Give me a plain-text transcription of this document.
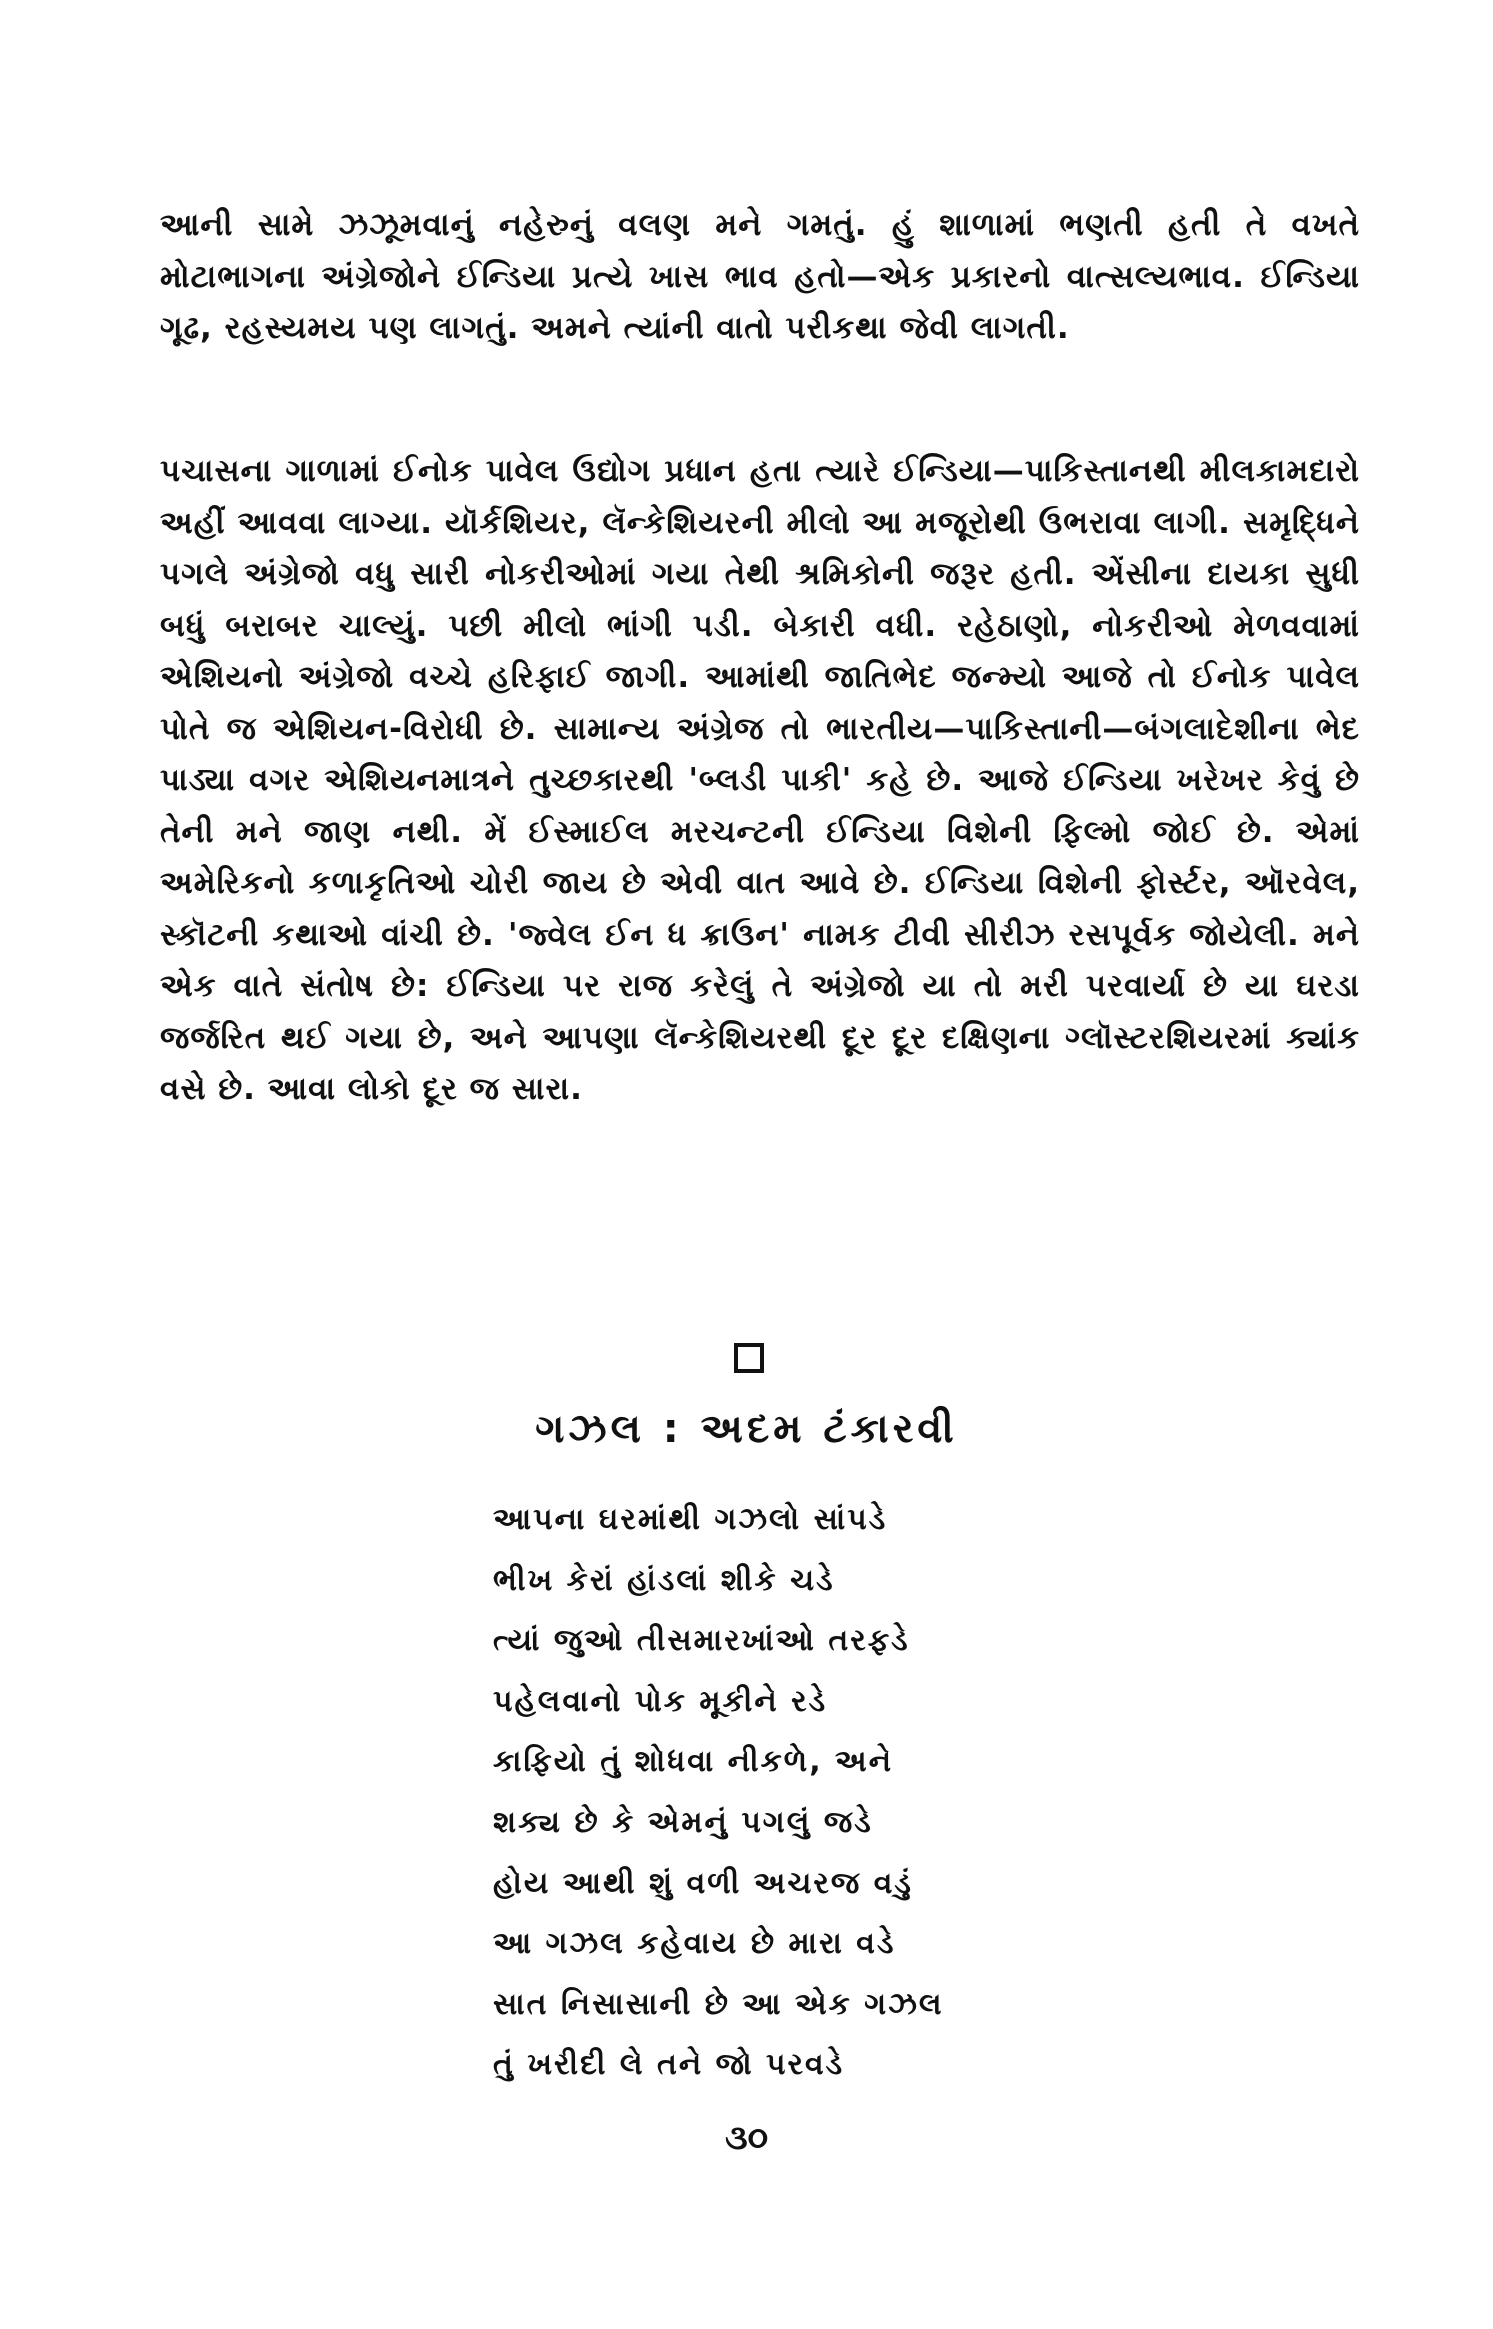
આની સામે ઝઝૂમવાનું નહેરુનું વલણ મને ગમતું. હું શાળામાં ભણતી હતી તે વખતે મોટાભાગના અંગ્રેજોને ઈન્ડિયા પ્રત્યે ખાસ ભાવ હતો—એક પ્રકારનો વાત્સલ્યભાવ. ઈન્ડિયા ગૂઢ, રહસ્યમય પણ લાગતું. અમને ત્યાંની વાતો પરીકથા જેવી લાગતી.

પચાસના ગાળામાં ઈનોક પાવેલ ઉદ્યોગ પ્રધાન હતા ત્યારે ઈન્ડિયા—પાકિસ્તાનથી મીલકામદારો અહીં આવવા લાગ્યા. યૉર્કશિયર, લૅન્કેશિયરની મીલો આ મજૂરોથી ઉભરાવા લાગી. સમૃદ્ધિને પગલે અંગ્રેજો વધુ સારી નોકરીઓમાં ગયા તેથી શ્રમિકોની જરૂર હતી. એંસીના દાયકા સુધી બધું બરાબર ચાલ્યું. પછી મીલો ભાંગી પડી. બેકારી વધી. રહેઠાણો, નોકરીઓ મેળવવામાં એશિયનો અંગ્રેજો વચ્ચે હરિફાઈ જાગી. આમાંથી જાતિભેદ જન્મ્યો આજે તો ઈનોક પાવેલ પોતે જ એશિયન-વિરોધી છે. સામાન્ય અંગ્રેજ તો ભારતીય—પાકિસ્તાની—બંગલાદેશીના ભેદ પાડ્યા વગર એશિયનમાત્રને તુચ્છકારથી 'બ્લડી પાકી' કહે છે. આજે ઈન્ડિયા ખરેખર કેવું છે તેની મને જાણ નથી. મેં ઈસ્માઈલ મરચન્ટની ઈન્ડિયા વિશેની ફિલ્મો જોઈ છે. એમાં અમેરિકનો કળાકૃતિઓ ચોરી જાય છે એવી વાત આવે છે. ઈન્ડિયા વિશેની ફોર્સ્ટર, ઑરવેલ, સ્કૉટની કથાઓ વાંચી છે. 'જ્વેલ ઈન ધ ક્રાઉન' નામક ટીવી સીરીઝ રસપૂર્વક જોયેલી. મને એક વાતે સંતોષ છે: ઈન્ડિયા પર રાજ કરેલું તે અંગ્રેજો યા તો મરી પરવાર્યા છે યા ઘરડા જર્જરિત થઈ ગયા છે, અને આપણા લૅન્કેશિયરથી દૂર દૂર દક્ષિણના ગ્લૉસ્ટરશિયરમાં ક્યાંક વસે છે. આવા લોકો દૂર જ સારા.

ગઝલ : અદમ ટંકારવી
આપના ઘરમાંથી ગઝલો સાંપડે
ભીખ કેરાં હાંડલાં શીકે ચડે
ત્યાં જુઓ તીસમારખાંઓ તરફડે
પહેલવાનો પોક મૂકીને રડે
કાફિયો તું શોધવા નીકળે, અને
શક્ય છે કે એમનું પગલું જડે
હોય આથી શું વળી અચરજ વડું
આ ગઝલ કહેવાય છે મારા વડે
સાત નિસાસાની છે આ એક ગઝલ
તું ખરીદી લે તને જો પરવડે
૩૦
